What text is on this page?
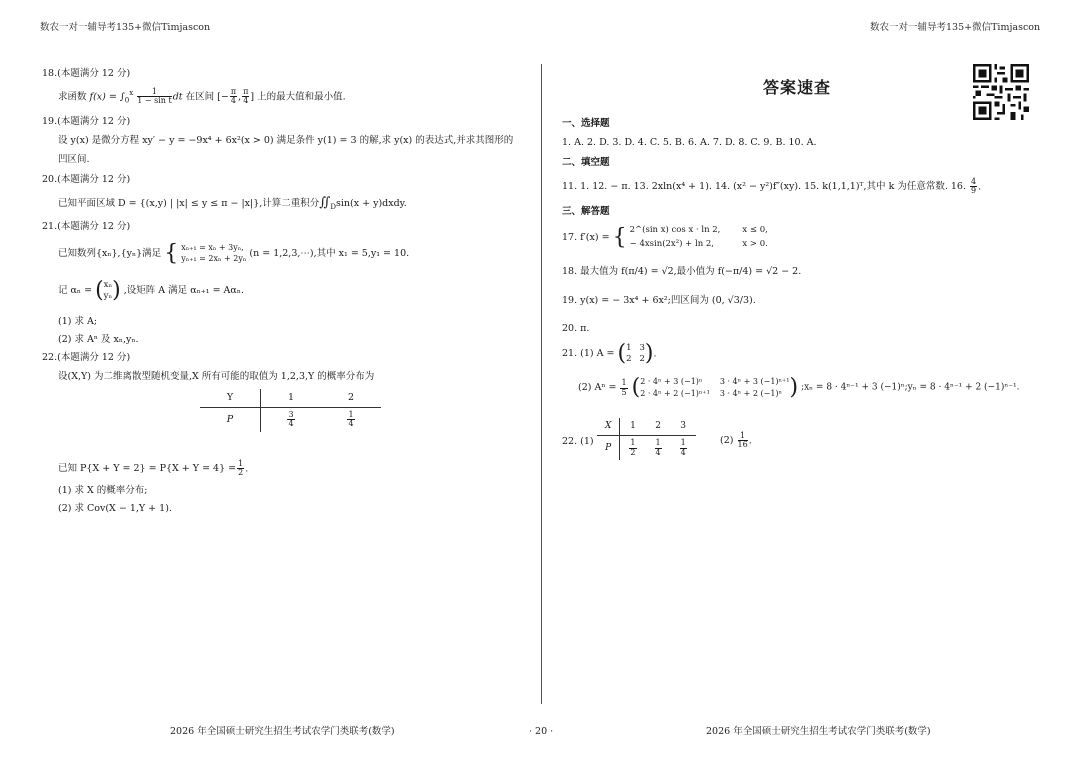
数农一对一辅导考135+微信Timjascon	数农一对一辅导考135+微信Timjascon
18.(本题满分 12 分)
求函数 $f(x) = \int_0^x \frac{1}{\text{1 − sin t}}$ dt 在区间 [− $\frac{\pi}{4}$ , $\frac{\pi}{4}$ ] 上的最大值和最小值.
19.(本题满分 12 分)
设 y(x) 是微分方程 xy′ − y = −9x⁴ + 6x²(x > 0) 满足条件 y(1) = 3 的解,求 y(x) 的表达式,并求其图形的
凹区间.
20.(本题满分 12 分)
已知平面区域 D = {(x,y) | |x| ≤ y ≤ π − |x|},计算二重积分$∬_D\sin(x$ + y)dxdy.
21.(本题满分 12 分)
已知数列{xₙ},{yₙ}满足 { xₙ₊₁ = xₙ + 3yₙ,
yₙ₊₁ = 2xₙ + 2yₙ (n = 1,2,3,⋯),其中 x₁ = 5,y₁ = 10.
记 αₙ = ( xₙ
yₙ ) ,设矩阵 A 满足 αₙ₊₁ = Aαₙ.
(1) 求 A;
(2) 求 Aⁿ 及 xₙ,yₙ.
22.(本题满分 12 分)
设(X,Y) 为二维离散型随机变量,X 所有可能的取值为 1,2,3,Y 的概率分布为
Y	1	2
P	$\frac{3}{4}$	$\frac{1}{4}$
已知 $P\{X + Y = 2\} = P\{X + Y = 4\} = \frac{1}{2}$ .
(1) 求 X 的概率分布;
(2) 求 Cov(X − 1,Y + 1).
答案速查
一、选择题
1. A. 2. D. 3. D. 4. C. 5. B. 6. A. 7. D. 8. C. 9. B. 10. A.
二、填空题
11. 1. 12. − π. 13. 2xln(x⁴ + 1). 14. (x² − y²)f″(xy). 15. k(1,1,1)ᵀ,其中 k 为任意常数. 16. $\frac{4}{9}$ .
三、解答题
17. f′(x) = { 2^(sin x) cos x · ln 2,	x ≤ 0,
− 4xsin(2x²) + ln 2,	x > 0.
18. 最大值为 f(π/4) = √2,最小值为 f(−π/4) = √2 − 2.
19. y(x) = − 3x⁴ + 6x²;凹区间为 (0, √3/3).
20. π.
21. (1) A = ( 1 3
2 2 ).
(2) $A^n = \frac{1}{5}$ ( 2 · 4ⁿ + 3 (−1)ⁿ	3 · 4ⁿ + 3 (−1)ⁿ⁺¹
2 · 4ⁿ + 2 (−1)ⁿ⁺¹ 3 · 4ⁿ + 2 (−1)ⁿ ) ;xₙ = 8 · 4ⁿ⁻¹ + 3 (−1)ⁿ;yₙ = 8 · 4ⁿ⁻¹ + 2 (−1)ⁿ⁻¹.
22. (1)
X	1	2	3
P	$\frac{1}{2}$	$\frac{1}{4}$	$\frac{1}{4}$	$(2) \frac{1}{16}$ .
2026 年全国硕士研究生招生考试农学门类联考(数学)	· 20 ·	2026 年全国硕士研究生招生考试农学门类联考(数学)
